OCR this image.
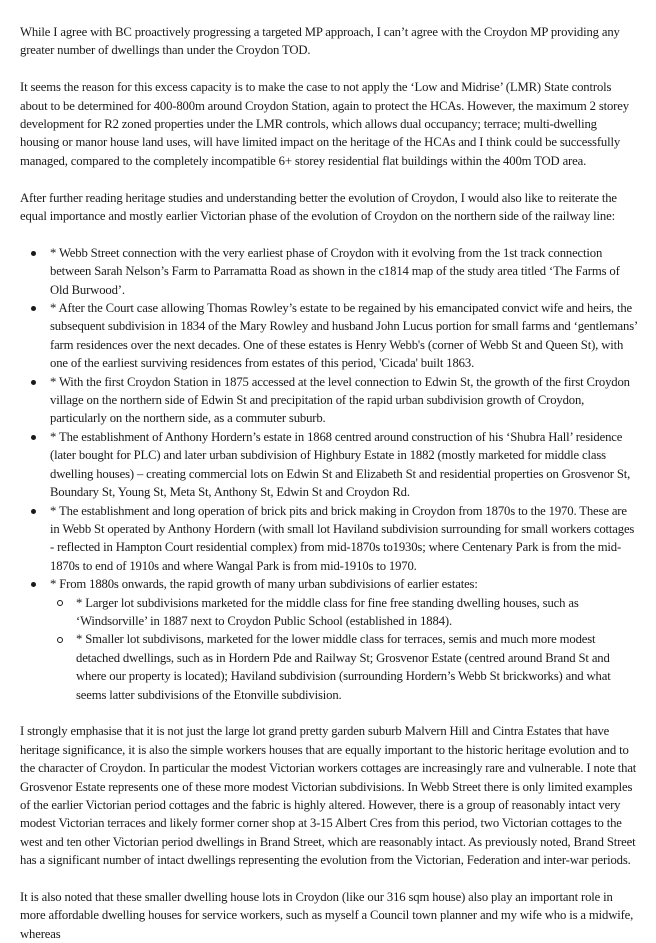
While I agree with BC proactively progressing a targeted MP approach, I can’t agree with the Croydon MP providing any greater number of dwellings than under the Croydon TOD.

It seems the reason for this excess capacity is to make the case to not apply the ‘Low and Midrise’ (LMR) State controls about to be determined for 400-800m around Croydon Station, again to protect the HCAs. However, the maximum 2 storey development for R2 zoned properties under the LMR controls, which allows dual occupancy; terrace; multi-dwelling housing or manor house land uses, will have limited impact on the heritage of the HCAs and I think could be successfully managed, compared to the completely incompatible 6+ storey residential flat buildings within the 400m TOD area.

After further reading heritage studies and understanding better the evolution of Croydon, I would also like to reiterate the equal importance and mostly earlier Victorian phase of the evolution of Croydon on the northern side of the railway line:

* Webb Street connection with the very earliest phase of Croydon with it evolving from the 1st track connection between Sarah Nelson’s Farm to Parramatta Road as shown in the c1814 map of the study area titled ‘The Farms of Old Burwood’.
* After the Court case allowing Thomas Rowley’s estate to be regained by his emancipated convict wife and heirs, the subsequent subdivision in 1834 of the Mary Rowley and husband John Lucus portion for small farms and ‘gentlemans’ farm residences over the next decades. One of these estates is Henry Webb's (corner of Webb St and Queen St), with one of the earliest surviving residences from estates of this period, 'Cicada' built 1863.
* With the first Croydon Station in 1875 accessed at the level connection to Edwin St, the growth of the first Croydon village on the northern side of Edwin St and precipitation of the rapid urban subdivision growth of Croydon, particularly on the northern side, as a commuter suburb.
* The establishment of Anthony Hordern’s estate in 1868 centred around construction of his ‘Shubra Hall’ residence (later bought for PLC) and later urban subdivision of Highbury Estate in 1882 (mostly marketed for middle class dwelling houses) – creating commercial lots on Edwin St and Elizabeth St and residential properties on Grosvenor St, Boundary St, Young St, Meta St, Anthony St, Edwin St and Croydon Rd.
* The establishment and long operation of brick pits and brick making in Croydon from 1870s to the 1970. These are in Webb St operated by Anthony Hordern (with small lot Haviland subdivision surrounding for small workers cottages - reflected in Hampton Court residential complex) from mid-1870s to1930s; where Centenary Park is from the mid-1870s to end of 1910s and where Wangal Park is from mid-1910s to 1970.
* From 1880s onwards, the rapid growth of many urban subdivisions of earlier estates:
* Larger lot subdivisions marketed for the middle class for fine free standing dwelling houses, such as ‘Windsorville’ in 1887 next to Croydon Public School (established in 1884).
* Smaller lot subdivisons, marketed for the lower middle class for terraces, semis and much more modest detached dwellings, such as in Hordern Pde and Railway St; Grosvenor Estate (centred around Brand St and where our property is located); Haviland subdivision (surrounding Hordern’s Webb St brickworks) and what seems latter subdivisions of the Etonville subdivision.

I strongly emphasise that it is not just the large lot grand pretty garden suburb Malvern Hill and Cintra Estates that have heritage significance, it is also the simple workers houses that are equally important to the historic heritage evolution and to the character of Croydon. In particular the modest Victorian workers cottages are increasingly rare and vulnerable. I note that Grosvenor Estate represents one of these more modest Victorian subdivisions. In Webb Street there is only limited examples of the earlier Victorian period cottages and the fabric is highly altered. However, there is a group of reasonably intact very modest Victorian terraces and likely former corner shop at 3-15 Albert Cres from this period, two Victorian cottages to the west and ten other Victorian period dwellings in Brand Street, which are reasonably intact. As previously noted, Brand Street has a significant number of intact dwellings representing the evolution from the Victorian, Federation and inter-war periods.

It is also noted that these smaller dwelling house lots in Croydon (like our 316 sqm house) also play an important role in more affordable dwelling houses for service workers, such as myself a Council town planner and my wife who is a midwife, whereas
